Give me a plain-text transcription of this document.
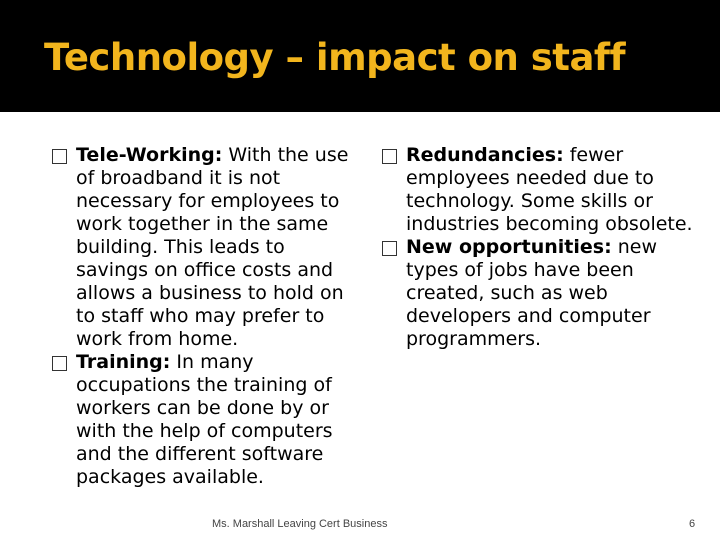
Technology – impact on staff

Tele-Working: With the use of broadband it is not necessary for employees to work together in the same building. This leads to savings on office costs and allows a business to hold on to staff who may prefer to work from home.

Training: In many occupations the training of workers can be done by or with the help of computers and the different software packages available.

Redundancies: fewer employees needed due to technology. Some skills or industries becoming obsolete.

New opportunities: new types of jobs have been created, such as web developers and computer programmers.

Ms. Marshall Leaving Cert Business	6
